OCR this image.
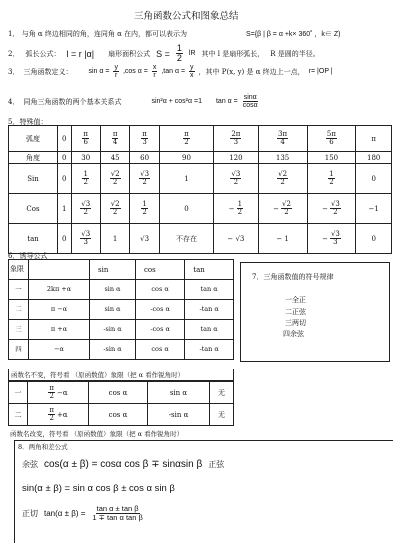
三角函数公式和图象总结
1． 与角 α 终边相同的角，连同角 α 在内，都可以表示为	S={β | β = α +k× 360˚ ，k∈ Z)
2． 弧长公式： l = r |α| 扇形面积公式 $S = \frac{1}{2}$ lR 其中 l 是扇形弧长， R 是圆的半径。
3． 三角函数定义： $\sin \alpha = \frac{y}{r} ,\cos$ $\alpha = \frac{x}{r} ,\tan$ $\alpha = \frac{y}{x}$ ，其中 P(x, y) 是 α 终边上一点， r= |OP |
4． 同角三角函数的两个基本关系式	sin²α + cos²α =1 $\tan \alpha = \frac{\sin\alpha}{\cos\alpha}$
5．特殊值：
弧度	0	$\frac{\pi}{6}$	$\frac{\pi}{4}$	$\frac{\pi}{3}$	$\frac{\pi}{2}$	$\frac{2\pi}{3}$	$\frac{3\pi}{4}$	$\frac{5\pi}{6}$	π
角度	0	30	45	60	90	120	135	150	180
Sin	0	$\frac{1}{2}$	$\frac{√2}{2}$	$\frac{√3}{2}$	1	$\frac{√3}{2}$	$\frac{√2}{2}$	$\frac{1}{2}$	0
Cos	1	$\frac{√3}{2}$	$\frac{√2}{2}$	$\frac{1}{2}$	0	− $\frac{1}{2}$	− $\frac{√2}{2}$	− $\frac{√3}{2}$	−1
tan	0	$\frac{√3}{3}$	1	√3	不存在	− √3	− 1	− $\frac{√3}{3}$	0
6．诱导公式
象限		sin	cos	tan
一	2kπ +α	sin α	cos α	tan α
二	π −α	sin α	-cos α	-tan α
三	π +α	-sin α	-cos α	tan α
四	−α	-sin α	cos α	-tan α
7．三角函数值的符号规律
一全正
二正弦
三两切
四余弦
函数名不变，符号看 （原函数值）象限（把 α 看作锐角时）
一	$\frac{\pi}{2} -\alpha$	cos α	sin α	无
二	$\frac{\pi}{2} +\alpha$	cos α	-sin α	无
函数名改变，符号看 （原函数值）象限（把 α 看作锐角时）
8．两角和差公式
余弦 cos(α ± β) = cosα cos β ∓ sinαsin β 正弦
sin(α ± β) = sin α cos β ± cos α sin β
正切 $\tan(\alpha \pm \beta) = \frac{\text{tan α ± tan β}}{\text{1 ∓ tan α tan β}}$
